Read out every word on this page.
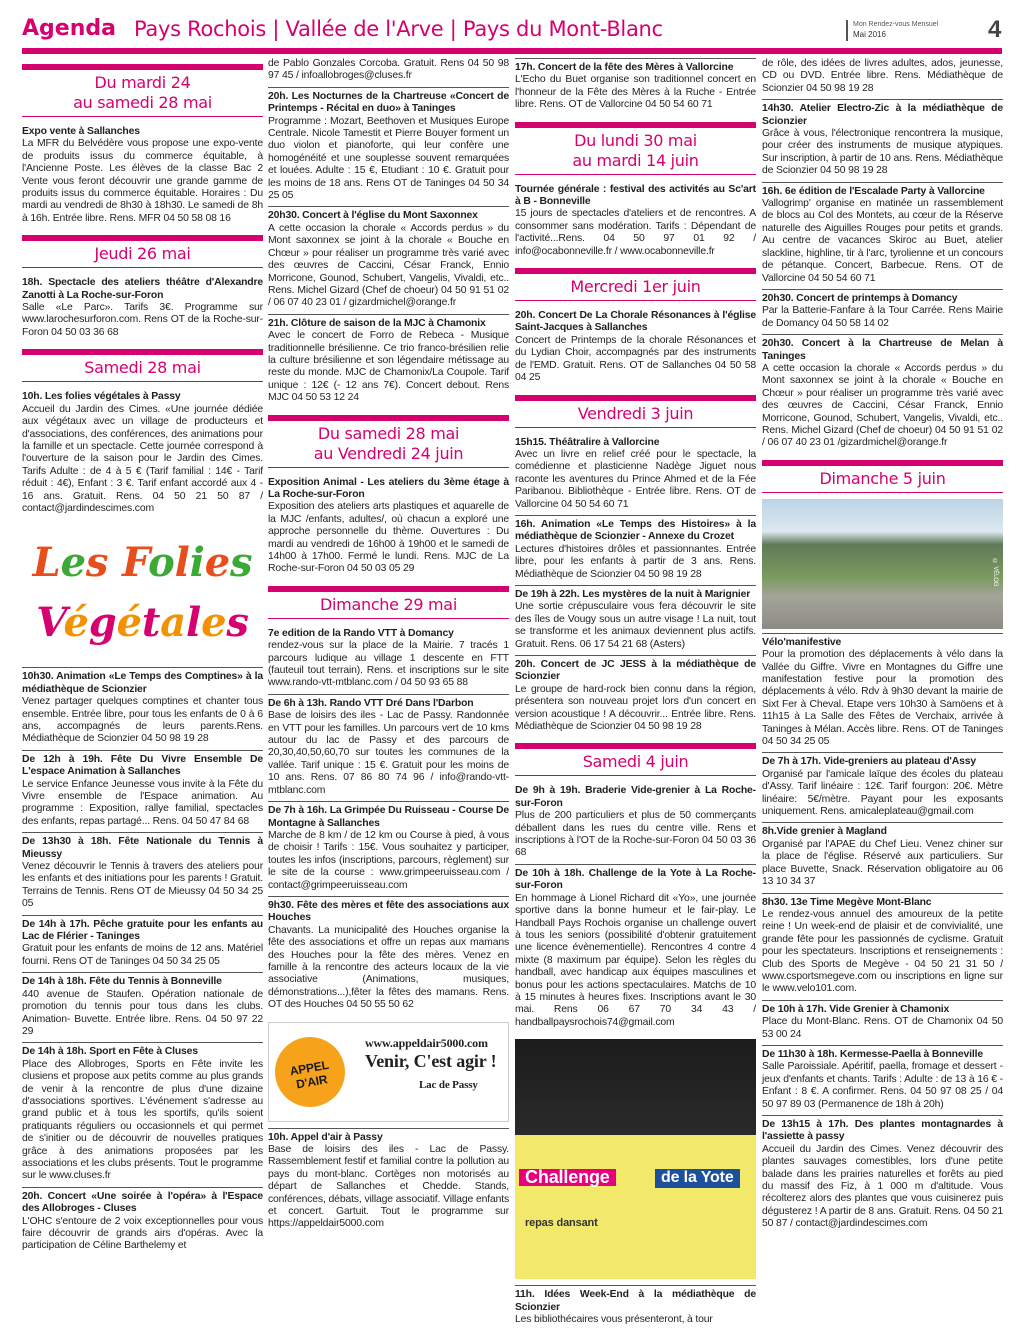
Agenda Pays Rochois | Vallée de l'Arve | Pays du Mont-Blanc	Mon Rendez-vous Mensuel
Mai 2016	4
Du mardi 24
au samedi 28 mai
Expo vente à Sallanches
La MFR du Belvédère vous propose une expo-vente de produits issus du commerce équitable, à l'Ancienne Poste. Les élèves de la classe Bac 2 Vente vous feront découvrir une grande gamme de produits issus du commerce équitable. Horaires : Du mardi au vendredi de 8h30 à 18h30. Le samedi de 8h à 16h. Entrée libre. Rens. MFR 04 50 58 08 16
Jeudi 26 mai
18h. Spectacle des ateliers théâtre d'Alexandre Zanotti à La Roche-sur-Foron
Salle «Le Parc». Tarifs 3€. Programme sur www.larochesurforon.com. Rens OT de la Roche-sur-Foron 04 50 03 36 68
Samedi 28 mai
10h. Les folies végétales à Passy
Accueil du Jardin des Cimes. «Une journée dédiée aux végétaux avec un village de producteurs et d'associations, des conférences, des animations pour la famille et un spectacle. Cette journée correspond à l'ouverture de la saison pour le Jardin des Cimes. Tarifs Adulte : de 4 à 5 € (Tarif familial : 14€ - Tarif réduit : 4€), Enfant : 3 €. Tarif enfant accordé aux 4 - 16 ans. Gratuit. Rens. 04 50 21 50 87 / contact@jardindescimes.com
Les Folies
Végétales
10h30. Animation «Le Temps des Comptines» à la médiathèque de Scionzier
Venez partager quelques comptines et chanter tous ensemble. Entrée libre, pour tous les enfants de 0 à 6 ans, accompagnés de leurs parents.Rens. Médiathèque de Scionzier 04 50 98 19 28
De 12h à 19h. Fête Du Vivre Ensemble De L'espace Animation à Sallanches
Le service Enfance Jeunesse vous invite à la Fête du Vivre ensemble de l'Espace animation. Au programme : Exposition, rallye familial, spectacles des enfants, repas partagé... Rens. 04 50 47 84 68
De 13h30 à 18h. Fête Nationale du Tennis à Mieussy
Venez découvrir le Tennis à travers des ateliers pour les enfants et des initiations pour les parents ! Gratuit. Terrains de Tennis. Rens OT de Mieussy 04 50 34 25 05
De 14h à 17h. Pêche gratuite pour les enfants au Lac de Flérier - Taninges
Gratuit pour les enfants de moins de 12 ans. Matériel fourni. Rens OT de Taninges 04 50 34 25 05
De 14h à 18h. Fête du Tennis à Bonneville
440 avenue de Staufen. Opération nationale de promotion du tennis pour tous dans les clubs. Animation- Buvette. Entrée libre. Rens. 04 50 97 22 29
De 14h à 18h. Sport en Fête à Cluses
Place des Allobroges, Sports en Fête invite les clusiens et propose aux petits comme au plus grands de venir à la rencontre de plus d'une dizaine d'associations sportives. L'événement s'adresse au grand public et à tous les sportifs, qu'ils soient pratiquants réguliers ou occasionnels et qui permet de s'initier ou de découvrir de nouvelles pratiques grâce à des animations proposées par les associations et les clubs présents. Tout le programme sur le www.cluses.fr
20h. Concert «Une soirée à l'opéra» à l'Espace des Allobroges - Cluses
L'OHC s'entoure de 2 voix exceptionnelles pour vous faire découvrir de grands airs d'opéras. Avec la participation de Céline Barthelemy et
de Pablo Gonzales Corcoba. Gratuit. Rens 04 50 98 97 45 / infoallobroges@cluses.fr
20h. Les Nocturnes de la Chartreuse «Concert de Printemps - Récital en duo» à Taninges
Programme : Mozart, Beethoven et Musiques Europe Centrale. Nicole Tamestit et Pierre Bouyer forment un duo violon et pianoforte, qui leur confère une homogénéité et une souplesse souvent remarquées et louées. Adulte : 15 €, Etudiant : 10 €. Gratuit pour les moins de 18 ans. Rens OT de Taninges 04 50 34 25 05
20h30. Concert à l'église du Mont Saxonnex
A cette occasion la chorale « Accords perdus » du Mont saxonnex se joint à la chorale « Bouche en Chœur » pour réaliser un programme très varié avec des œuvres de Caccini, César Franck, Ennio Morricone, Gounod, Schubert, Vangelis, Vivaldi, etc.. Rens. Michel Gizard (Chef de choeur) 04 50 91 51 02 / 06 07 40 23 01 / gizardmichel@orange.fr
21h. Clôture de saison de la MJC à Chamonix
Avec le concert de Forro de Rebeca - Musique traditionnelle brésilienne. Ce trio franco-brésilien relie la culture brésilienne et son légendaire métissage au reste du monde. MJC de Chamonix/La Coupole. Tarif unique : 12€ (- 12 ans 7€). Concert debout. Rens MJC 04 50 53 12 24
Du samedi 28 mai
au Vendredi 24 juin
Exposition Animal - Les ateliers du 3ème étage à La Roche-sur-Foron
Exposition des ateliers arts plastiques et aquarelle de la MJC /enfants, adultes/, où chacun a exploré une approche personnelle du thème. Ouvertures : Du mardi au vendredi de 16h00 à 19h00 et le samedi de 14h00 à 17h00. Fermé le lundi. Rens. MJC de La Roche-sur-Foron 04 50 03 05 29
Dimanche 29 mai
7e edition de la Rando VTT à Domancy
rendez-vous sur la place de la Mairie. 7 tracés 1 parcours ludique au village 1 descente en FTT (fauteuil tout terrain). Rens. et inscriptions sur le site www.rando-vtt-mtblanc.com / 04 50 93 65 88
De 6h à 13h. Rando VTT Dré Dans l'Darbon
Base de loisirs des iles - Lac de Passy. Randonnée en VTT pour les familles. Un parcours vert de 10 kms autour du lac de Passy et des parcours de 20,30,40,50,60,70 sur toutes les communes de la vallée. Tarif unique : 15 €. Gratuit pour les moins de 10 ans. Rens. 07 86 80 74 96 / info@rando-vtt-mtblanc.com
De 7h à 16h. La Grimpée Du Ruisseau - Course De Montagne à Sallanches
Marche de 8 km / de 12 km ou Course à pied, à vous de choisir ! Tarifs : 15€. Vous souhaitez y participer, toutes les infos (inscriptions, parcours, règlement) sur le site de la course : www.grimpeeruisseau.com / contact@grimpeeruisseau.com
9h30. Fête des mères et fête des associations aux Houches
Chavants. La municipalité des Houches organise la fête des associations et offre un repas aux mamans des Houches pour la fête des mères. Venez en famille à la rencontre des acteurs locaux de la vie associative (Animations, musiques, démonstrations...),fêter la fêtes des mamans. Rens. OT des Houches 04 50 55 50 62
APPEL D'AIR
www.appeldair5000.com
Venir, C'est agir !
Lac de Passy
10h. Appel d'air à Passy
Base de loisirs des iles - Lac de Passy. Rassemblement festif et familial contre la pollution au pays du mont-blanc. Cortèges non motorisés au départ de Sallanches et Chedde. Stands, conférences, débats, village associatif. Village enfants et concert. Gartuit. Tout le programme sur https://appeldair5000.com
17h. Concert de la fête des Mères à Vallorcine
L'Echo du Buet organise son traditionnel concert en l'honneur de la Fête des Mères à la Ruche - Entrée libre. Rens. OT de Vallorcine 04 50 54 60 71
Du lundi 30 mai
au mardi 14 juin
Tournée générale : festival des activités au Sc'art à B - Bonneville
15 jours de spectacles d'ateliers et de rencontres. A consommer sans modération. Tarifs : Dépendant de l'activité...Rens. 04 50 97 01 92 / info@ocabonneville.fr / www.ocabonneville.fr
Mercredi 1er juin
20h. Concert De La Chorale Résonances à l'église Saint-Jacques à Sallanches
Concert de Printemps de la chorale Résonances et du Lydian Choir, accompagnés par des instruments de l'EMD. Gratuit. Rens. OT de Sallanches 04 50 58 04 25
Vendredi 3 juin
15h15. Théâtralire à Vallorcine
Avec un livre en relief créé pour le spectacle, la comédienne et plasticienne Nadège Jiguet nous raconte les aventures du Prince Ahmed et de la Fée Paribanou. Bibliothèque - Entrée libre. Rens. OT de Vallorcine 04 50 54 60 71
16h. Animation «Le Temps des Histoires» à la médiathèque de Scionzier - Annexe du Crozet
Lectures d'histoires drôles et passionnantes. Entrée libre, pour les enfants à partir de 3 ans. Rens. Médiathèque de Scionzier 04 50 98 19 28
De 19h à 22h. Les mystères de la nuit à Marignier
Une sortie crépusculaire vous fera découvrir le site des îles de Vougy sous un autre visage ! La nuit, tout se transforme et les animaux deviennent plus actifs. Gratuit. Rens. 06 17 54 21 68 (Asters)
20h. Concert de JC JESS à la médiathèque de Scionzier
Le groupe de hard-rock bien connu dans la région, présentera son nouveau projet lors d'un concert en version acoustique ! A découvrir... Entrée libre. Rens. Médiathèque de Scionzier 04 50 98 19 28
Samedi 4 juin
De 9h à 19h. Braderie Vide-grenier à La Roche-sur-Foron
Plus de 200 particuliers et plus de 50 commerçants déballent dans les rues du centre ville. Rens et inscriptions à l'OT de la Roche-sur-Foron 04 50 03 36 68
De 10h à 18h. Challenge de la Yote à La Roche-sur-Foron
En hommage à Lionel Richard dit «Yo», une journée sportive dans la bonne humeur et le fair-play. Le Handball Pays Rochois organise un challenge ouvert à tous les seniors (possibilité d'obtenir gratuitement une licence évènementielle). Rencontres 4 contre 4 mixte (8 maximum par équipe). Selon les règles du handball, avec handicap aux équipes masculines et bonus pour les actions spectaculaires. Matchs de 10 à 15 minutes à heures fixes. Inscriptions avant le 30 mai. Rens 06 67 70 34 43 / handballpaysrochois74@gmail.com
Challenge	de la Yote
repas dansant
11h. Idées Week-End à la médiathèque de Scionzier
Les bibliothécaires vous présenteront, à tour
de rôle, des idées de livres adultes, ados, jeunesse, CD ou DVD. Entrée libre. Rens. Médiathèque de Scionzier 04 50 98 19 28
14h30. Atelier Electro-Zic à la médiathèque de Scionzier
Grâce à vous, l'électronique rencontrera la musique, pour créer des instruments de musique atypiques. Sur inscription, à partir de 10 ans. Rens. Médiathèque de Scionzier 04 50 98 19 28
16h. 6e édition de l'Escalade Party à Vallorcine
Vallogrimp' organise en matinée un rassemblement de blocs au Col des Montets, au cœur de la Réserve naturelle des Aiguilles Rouges pour petits et grands. Au centre de vacances Skiroc au Buet, atelier slackline, highline, tir à l'arc, tyrolienne et un concours de pétanque. Concert, Barbecue. Rens. OT de Vallorcine 04 50 54 60 71
20h30. Concert de printemps à Domancy
Par la Batterie-Fanfare à la Tour Carrée. Rens Mairie de Domancy 04 50 58 14 02
20h30. Concert à la Chartreuse de Melan à Taninges
A cette occasion la chorale « Accords perdus » du Mont saxonnex se joint à la chorale « Bouche en Chœur » pour réaliser un programme très varié avec des œuvres de Caccini, César Franck, Ennio Morricone, Gounod, Schubert, Vangelis, Vivaldi, etc.. Rens. Michel Gizard (Chef de choeur) 04 50 91 51 02 / 06 07 40 23 01 /gizardmichel@orange.fr
Dimanche 5 juin
© VÉLOG
Vélo'manifestive
Pour la promotion des déplacements à vélo dans la Vallée du Giffre. Vivre en Montagnes du Giffre une manifestation festive pour la promotion des déplacements à vélo. Rdv à 9h30 devant la mairie de Sixt Fer à Cheval. Etape vers 10h30 à Samöens et à 11h15 à La Salle des Fêtes de Verchaix, arrivée à Taninges à Mélan. Accès libre. Rens. OT de Taninges 04 50 34 25 05
De 7h à 17h. Vide-greniers au plateau d'Assy
Organisé par l'amicale laïque des écoles du plateau d'Assy. Tarif linéaire : 12€. Tarif fourgon: 20€. Mètre linéaire: 5€/mètre. Payant pour les exposants uniquement. Rens. amicaleplateau@gmail.com
8h.Vide grenier à Magland
Organisé par l'APAE du Chef Lieu. Venez chiner sur la place de l'église. Réservé aux particuliers. Sur place Buvette, Snack. Réservation obligatoire au 06 13 10 34 37
8h30. 13e Time Megève Mont-Blanc
Le rendez-vous annuel des amoureux de la petite reine ! Un week-end de plaisir et de convivialité, une grande fête pour les passionnés de cyclisme. Gratuit pour les spectateurs. Inscriptions et renseignements : Club des Sports de Megève - 04 50 21 31 50 / www.csportsmegeve.com ou inscriptions en ligne sur le www.velo101.com.
De 10h à 17h. Vide Grenier à Chamonix
Place du Mont-Blanc. Rens. OT de Chamonix 04 50 53 00 24
De 11h30 à 18h. Kermesse-Paella à Bonneville
Salle Paroissiale. Apéritif, paella, fromage et dessert - jeux d'enfants et chants. Tarifs : Adulte : de 13 à 16 € -Enfant : 8 €. A confirmer. Rens. 04 50 97 08 25 / 04 50 97 89 03 (Permanence de 18h à 20h)
De 13h15 à 17h. Des plantes montagnardes à l'assiette à passy
Accueil du Jardin des Cimes. Venez découvrir des plantes sauvages comestibles, lors d'une petite balade dans les prairies naturelles et forêts au pied du massif des Fiz, à 1 000 m d'altitude. Vous récolterez alors des plantes que vous cuisinerez puis dégusterez ! A partir de 8 ans. Gratuit. Rens. 04 50 21 50 87 / contact@jardindescimes.com
